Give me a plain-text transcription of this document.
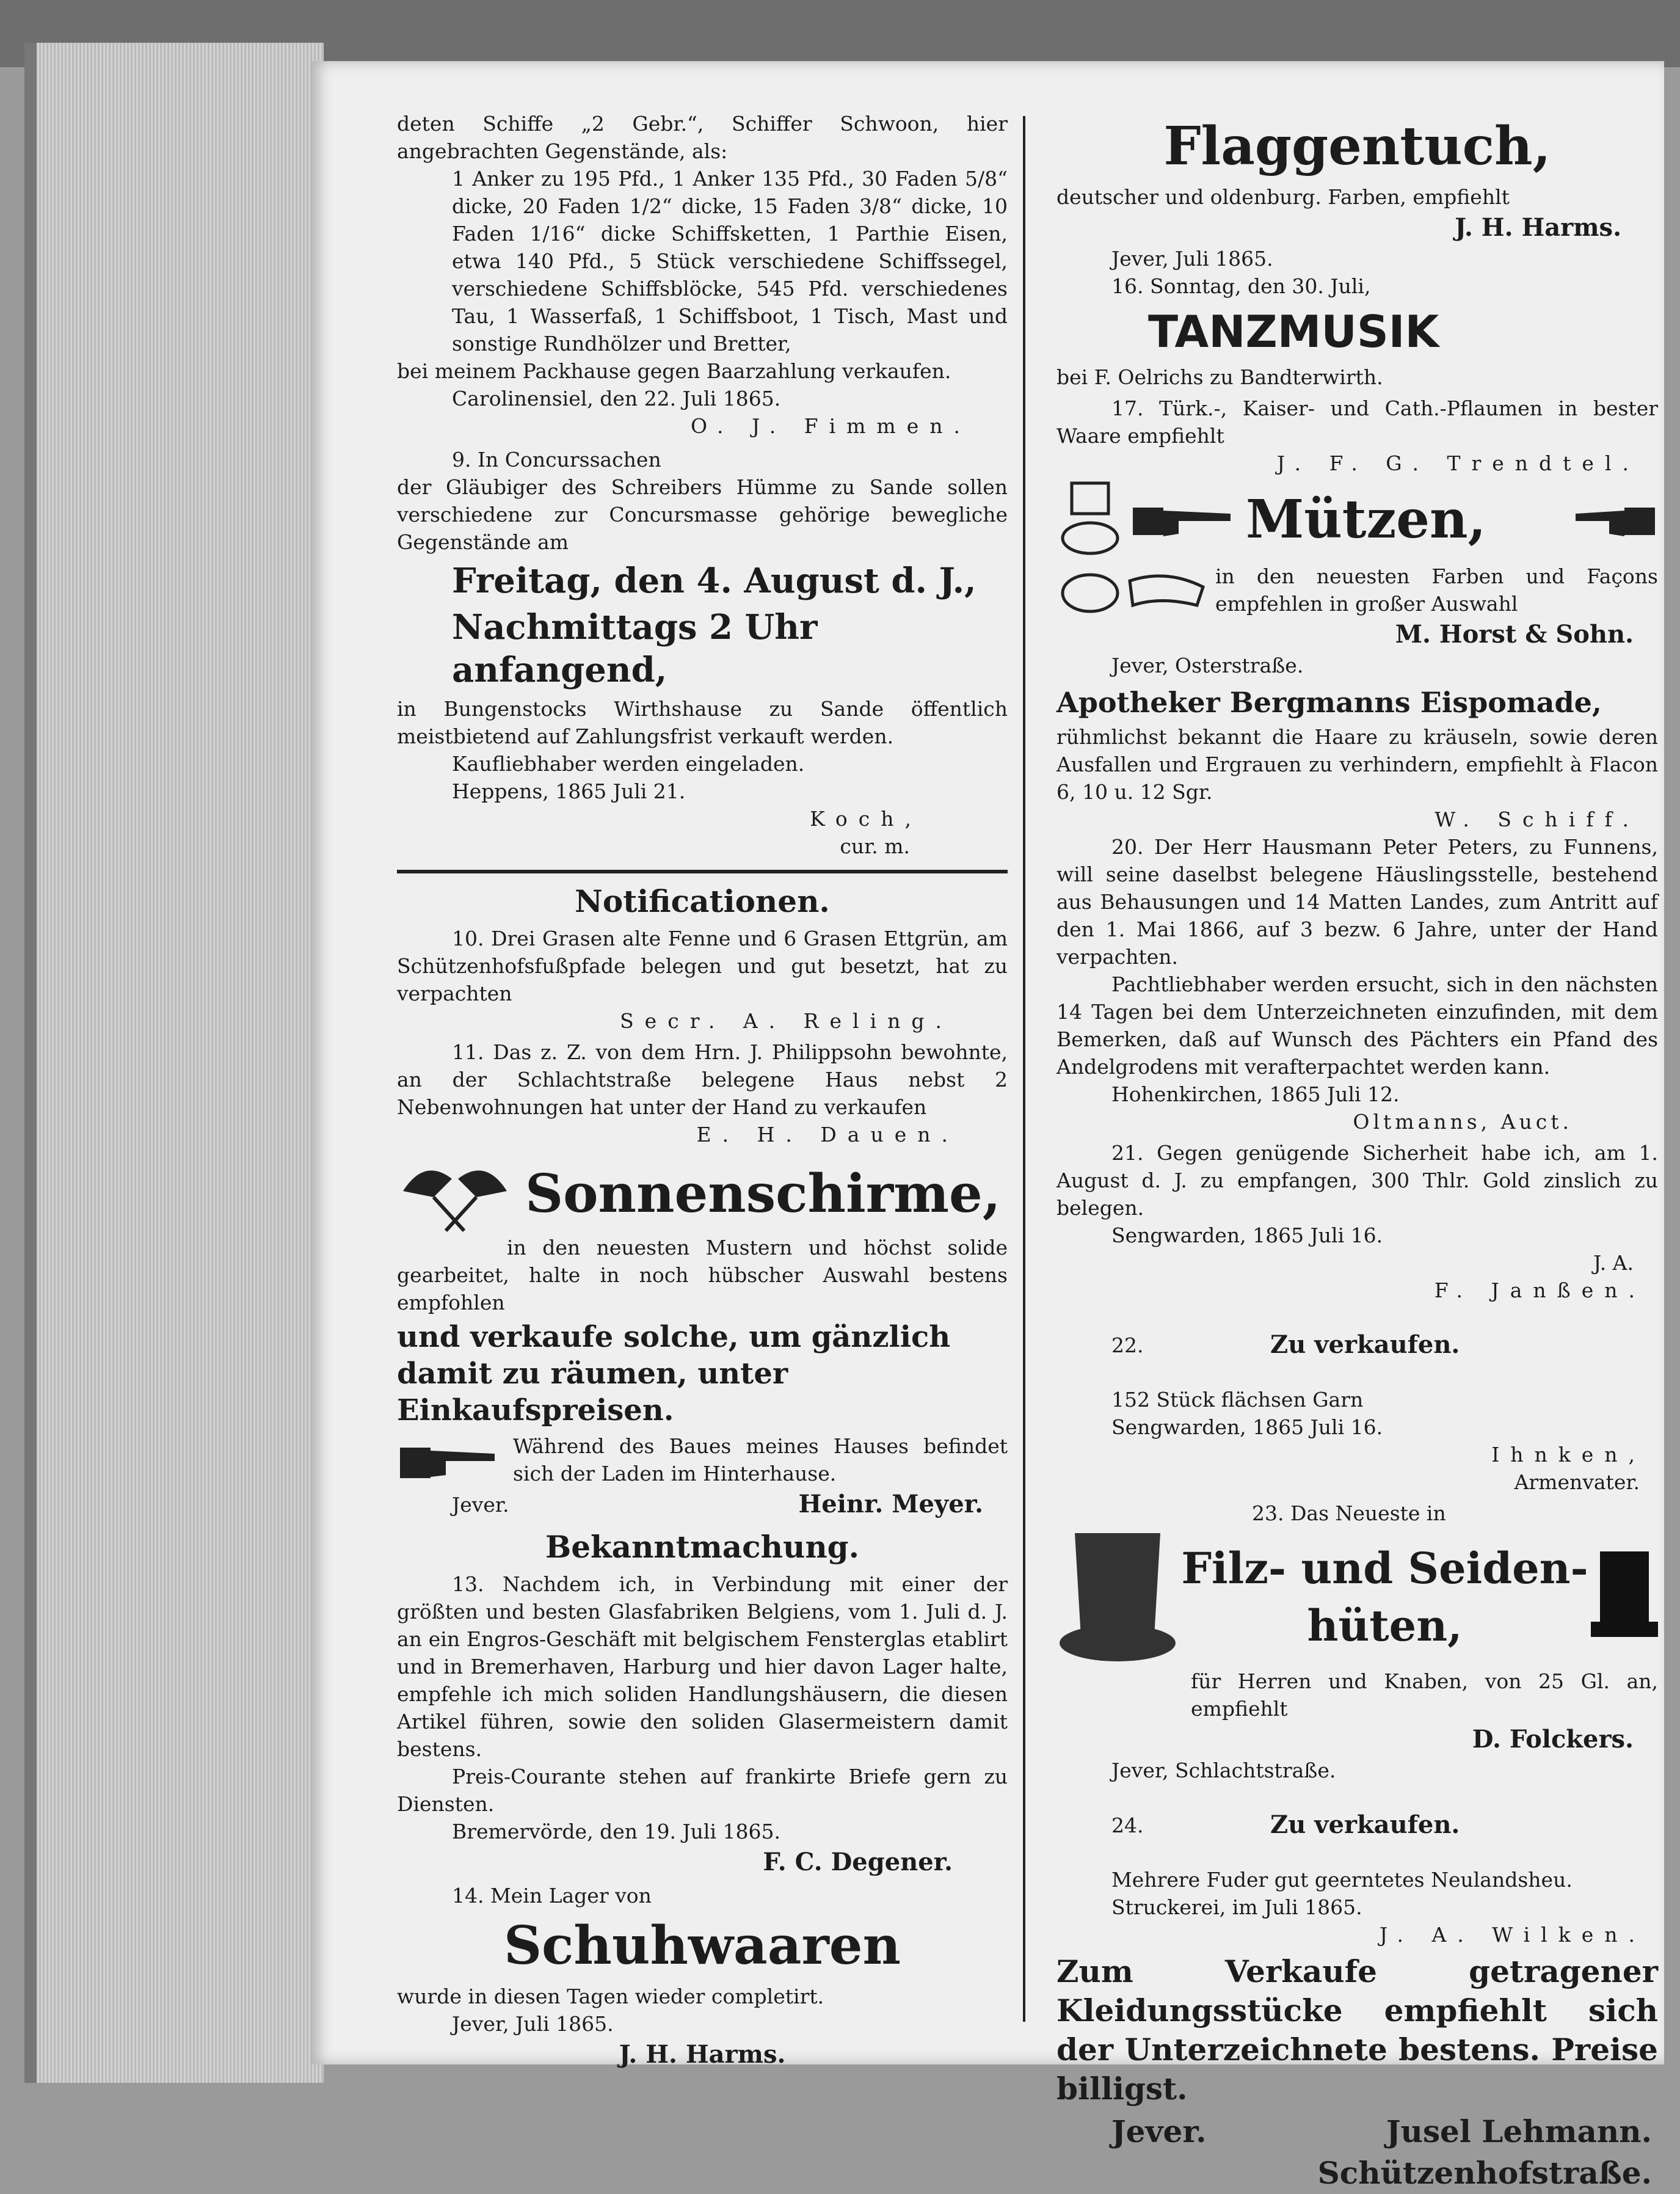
deten Schiffe „2 Gebr.“, Schiffer Schwoon, hier angebrachten Gegenstände, als:

1 Anker zu 195 Pfd., 1 Anker 135 Pfd., 30 Faden 5/8“ dicke, 20 Faden 1/2“ dicke, 15 Faden 3/8“ dicke, 10 Faden 1/16“ dicke Schiffsketten, 1 Parthie Eisen, etwa 140 Pfd., 5 Stück verschiedene Schiffssegel, verschiedene Schiffsblöcke, 545 Pfd. verschiedenes Tau, 1 Wasserfaß, 1 Schiffsboot, 1 Tisch, Mast und sonstige Rundhölzer und Bretter,

bei meinem Packhause gegen Baarzahlung verkaufen.

Carolinensiel, den 22. Juli 1865.

O. J. Fimmen.

9. In Concurssachen

der Gläubiger des Schreibers Hümme zu Sande sollen verschiedene zur Concursmasse gehörige bewegliche Gegenstände am

Freitag, den 4. August d. J.,

Nachmittags 2 Uhr anfangend,

in Bungenstocks Wirthshause zu Sande öffentlich meistbietend auf Zahlungsfrist verkauft werden.

Kaufliebhaber werden eingeladen.

Heppens, 1865 Juli 21.

Koch,

cur. m.

Notificationen.

10. Drei Grasen alte Fenne und 6 Grasen Ettgrün, am Schützenhofsfußpfade belegen und gut besetzt, hat zu verpachten

Secr. A. Reling.

11. Das z. Z. von dem Hrn. J. Philippsohn bewohnte, an der Schlachtstraße belegene Haus nebst 2 Nebenwohnungen hat unter der Hand zu verkaufen

E. H. Dauen.

Sonnenschirme,

in den neuesten Mustern und höchst solide gearbeitet, halte in noch hübscher Auswahl bestens empfohlen

und verkaufe solche, um gänzlich damit zu räumen, unter Einkaufspreisen.

Während des Baues meines Hauses befindet sich der Laden im Hinterhause.

Jever.	Heinr. Meyer.

Bekanntmachung.

13. Nachdem ich, in Verbindung mit einer der größten und besten Glasfabriken Belgiens, vom 1. Juli d. J. an ein Engros-Geschäft mit belgischem Fensterglas etablirt und in Bremerhaven, Harburg und hier davon Lager halte, empfehle ich mich soliden Handlungshäusern, die diesen Artikel führen, sowie den soliden Glasermeistern damit bestens.

Preis-Courante stehen auf frankirte Briefe gern zu Diensten.

Bremervörde, den 19. Juli 1865.

F. C. Degener.

14. Mein Lager von

Schuhwaaren

wurde in diesen Tagen wieder completirt.

Jever, Juli 1865.

J. H. Harms.

Flaggentuch,

deutscher und oldenburg. Farben, empfiehlt

J. H. Harms.

Jever, Juli 1865.

16. Sonntag, den 30. Juli,

TANZMUSIK

bei F. Oelrichs zu Bandterwirth.

17. Türk.-, Kaiser- und Cath.-Pflaumen in bester Waare empfiehlt

J. F. G. Trendtel.

Mützen,

in den neuesten Farben und Façons empfehlen in großer Auswahl

M. Horst & Sohn.

Jever, Osterstraße.

Apotheker Bergmanns Eispomade,

rühmlichst bekannt die Haare zu kräuseln, sowie deren Ausfallen und Ergrauen zu verhindern, empfiehlt à Flacon 6, 10 u. 12 Sgr.

W. Schiff.

20. Der Herr Hausmann Peter Peters, zu Funnens, will seine daselbst belegene Häuslingsstelle, bestehend aus Behausungen und 14 Matten Landes, zum Antritt auf den 1. Mai 1866, auf 3 bezw. 6 Jahre, unter der Hand verpachten.

Pachtliebhaber werden ersucht, sich in den nächsten 14 Tagen bei dem Unterzeichneten einzufinden, mit dem Bemerken, daß auf Wunsch des Pächters ein Pfand des Andelgrodens mit verafterpachtet werden kann.

Hohenkirchen, 1865 Juli 12.

Oltmanns, Auct.

21. Gegen genügende Sicherheit habe ich, am 1. August d. J. zu empfangen, 300 Thlr. Gold zinslich zu belegen.

Sengwarden, 1865 Juli 16.

J. A.

F. Janßen.

22.	Zu verkaufen.

152 Stück flächsen Garn

Sengwarden, 1865 Juli 16.

Ihnken,

Armenvater.

23. Das Neueste in

Filz- und Seiden-

hüten,

für Herren und Knaben, von 25 Gl. an, empfiehlt

D. Folckers.

Jever, Schlachtstraße.

24.	Zu verkaufen.

Mehrere Fuder gut geerntetes Neulandsheu.

Struckerei, im Juli 1865.

J. A. Wilken.

Zum Verkaufe getragener Kleidungsstücke empfiehlt sich der Unterzeichnete bestens. Preise billigst.

Jever.	Jusel Lehmann.

Schützenhofstraße.
